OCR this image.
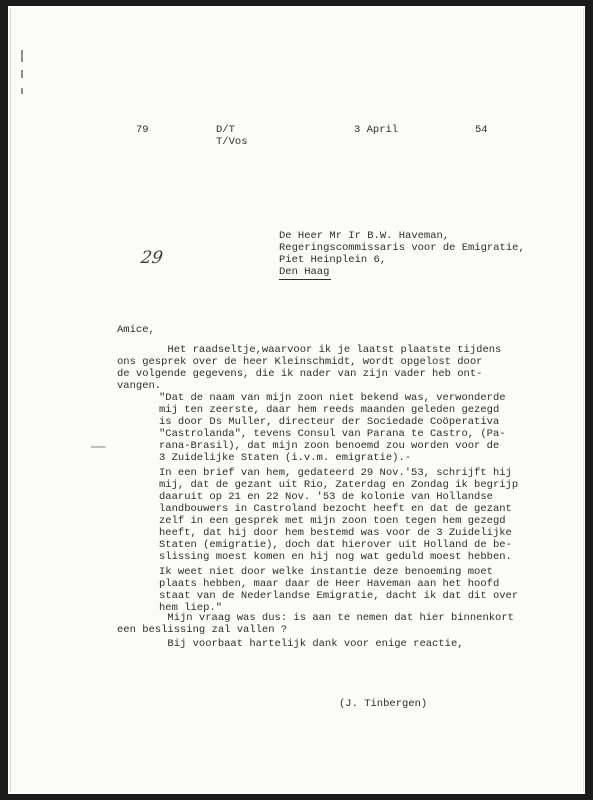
79	D/T
T/Vos

3 April	54

De Heer Mr Ir B.W. Haveman,

Regeringscommissaris voor de Emigratie,

Piet Heinplein 6,

Den Haag

29

Amice,

Het raadseltje,waarvoor ik je laatst plaatste tijdens
ons gesprek over de heer Kleinschmidt, wordt opgelost door
de volgende gegevens, die ik nader van zijn vader heb ont-
vangen.

▬▬▬

"Dat de naam van mijn zoon niet bekend was, verwonderde
mij ten zeerste, daar hem reeds maanden geleden gezegd
is door Ds Muller, directeur der Sociedade Coöperativa
"Castrolanda", tevens Consul van Parana te Castro, (Pa-
rana-Brasil), dat mijn zoon benoemd zou worden voor de
3 Zuidelijke Staten (i.v.m. emigratie).-

In een brief van hem, gedateerd 29 Nov.'53, schrijft hij
mij, dat de gezant uit Rio, Zaterdag en Zondag ik begrijp
daaruit op 21 en 22 Nov. '53 de kolonie van Hollandse
landbouwers in Castroland bezocht heeft en dat de gezant
zelf in een gesprek met mijn zoon toen tegen hem gezegd
heeft, dat hij door hem bestemd was voor de 3 Zuidelijke
Staten (emigratie), doch dat hierover uit Holland de be-
slissing moest komen en hij nog wat geduld moest hebben.

Ik weet niet door welke instantie deze benoeming moet
plaats hebben, maar daar de Heer Haveman aan het hoofd
staat van de Nederlandse Emigratie, dacht ik dat dit over
hem liep."

Mijn vraag was dus: is aan te nemen dat hier binnenkort
een beslissing zal vallen ?

Bij voorbaat hartelijk dank voor enige reactie,

(J. Tinbergen)
